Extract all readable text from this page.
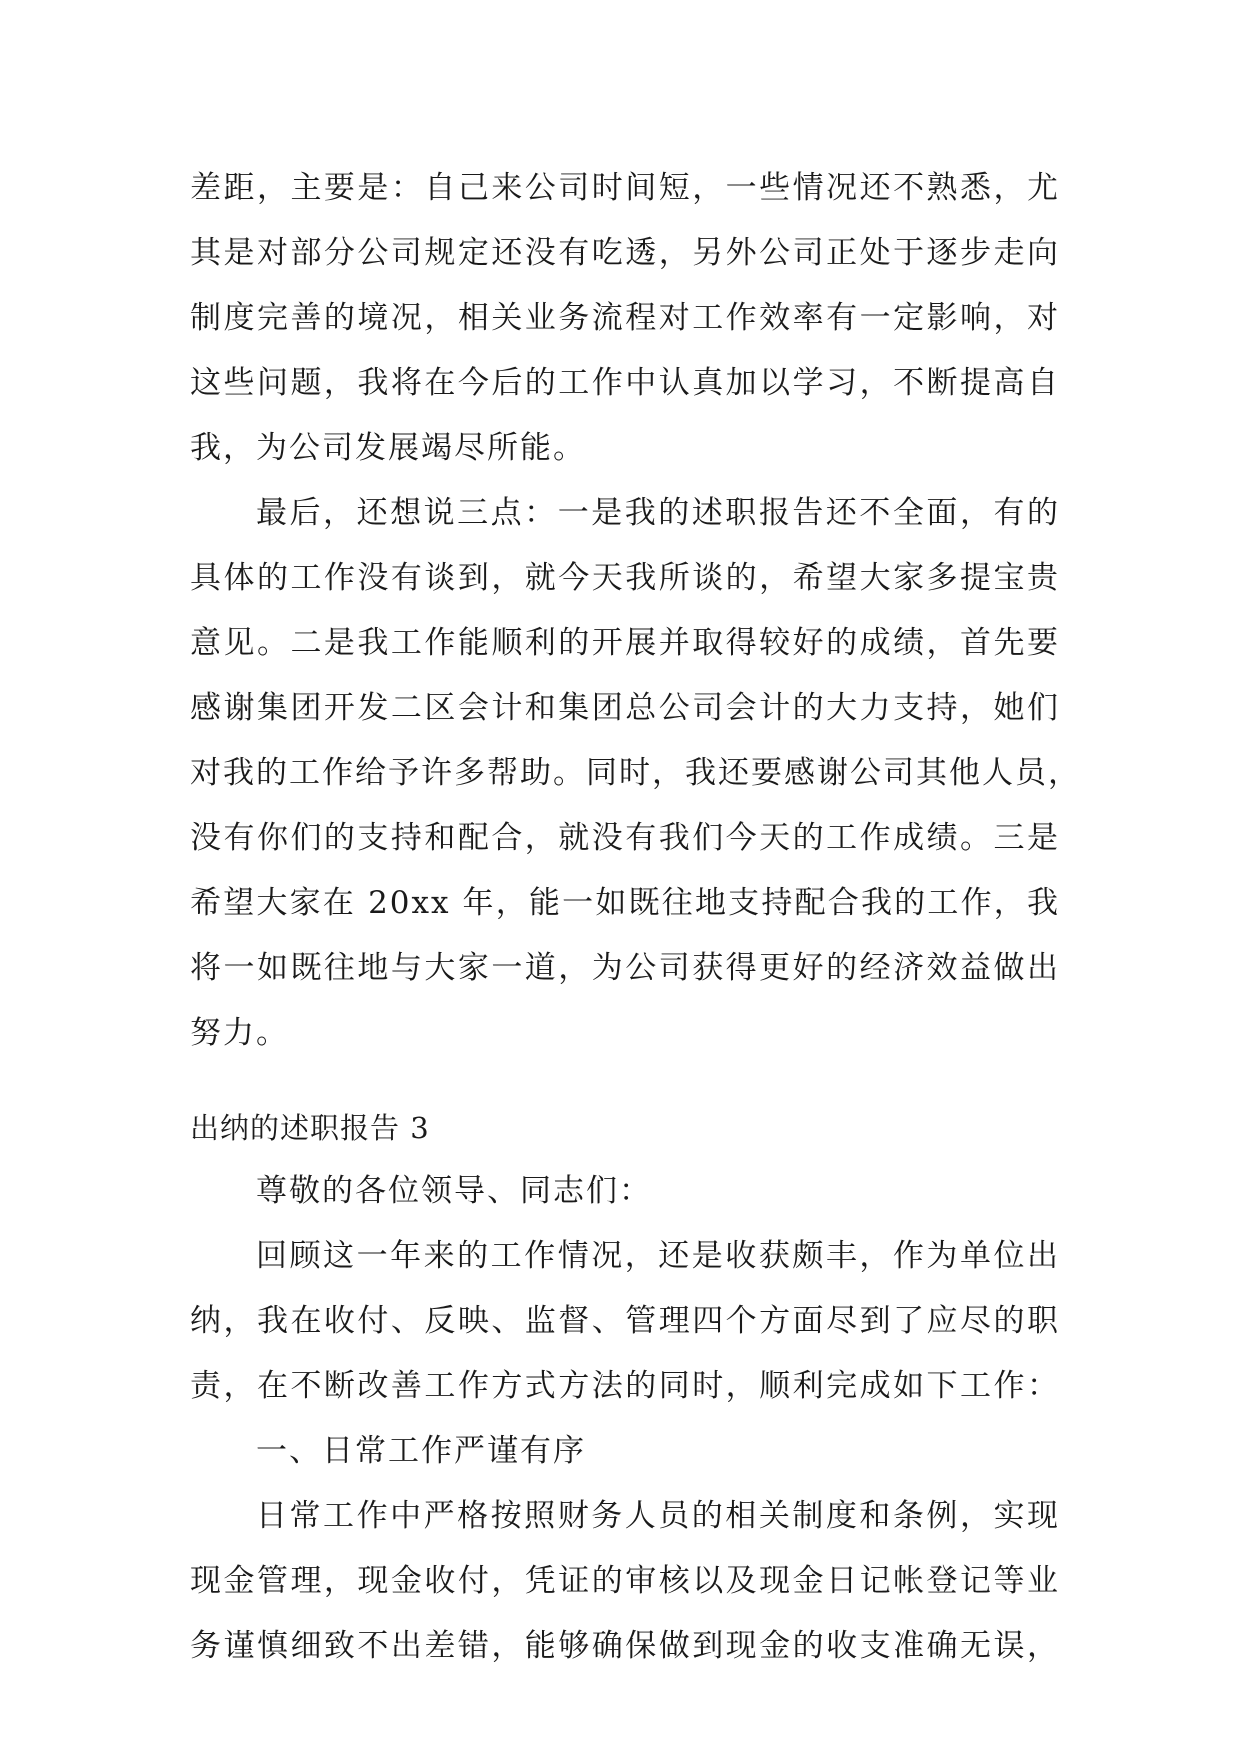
差距，主要是：自己来公司时间短，一些情况还不熟悉，尤
其是对部分公司规定还没有吃透，另外公司正处于逐步走向
制度完善的境况，相关业务流程对工作效率有一定影响，对
这些问题，我将在今后的工作中认真加以学习，不断提高自
我，为公司发展竭尽所能。
最后，还想说三点：一是我的述职报告还不全面，有的
具体的工作没有谈到，就今天我所谈的，希望大家多提宝贵
意见。二是我工作能顺利的开展并取得较好的成绩，首先要
感谢集团开发二区会计和集团总公司会计的大力支持，她们
对我的工作给予许多帮助。同时，我还要感谢公司其他人员，
没有你们的支持和配合，就没有我们今天的工作成绩。三是
希望大家在 20xx 年，能一如既往地支持配合我的工作，我
将一如既往地与大家一道，为公司获得更好的经济效益做出
努力。
出纳的述职报告 3
尊敬的各位领导、同志们：
回顾这一年来的工作情况，还是收获颇丰，作为单位出
纳，我在收付、反映、监督、管理四个方面尽到了应尽的职
责，在不断改善工作方式方法的同时，顺利完成如下工作：
一、日常工作严谨有序
日常工作中严格按照财务人员的相关制度和条例，实现
现金管理，现金收付，凭证的审核以及现金日记帐登记等业
务谨慎细致不出差错，能够确保做到现金的收支准确无误，
